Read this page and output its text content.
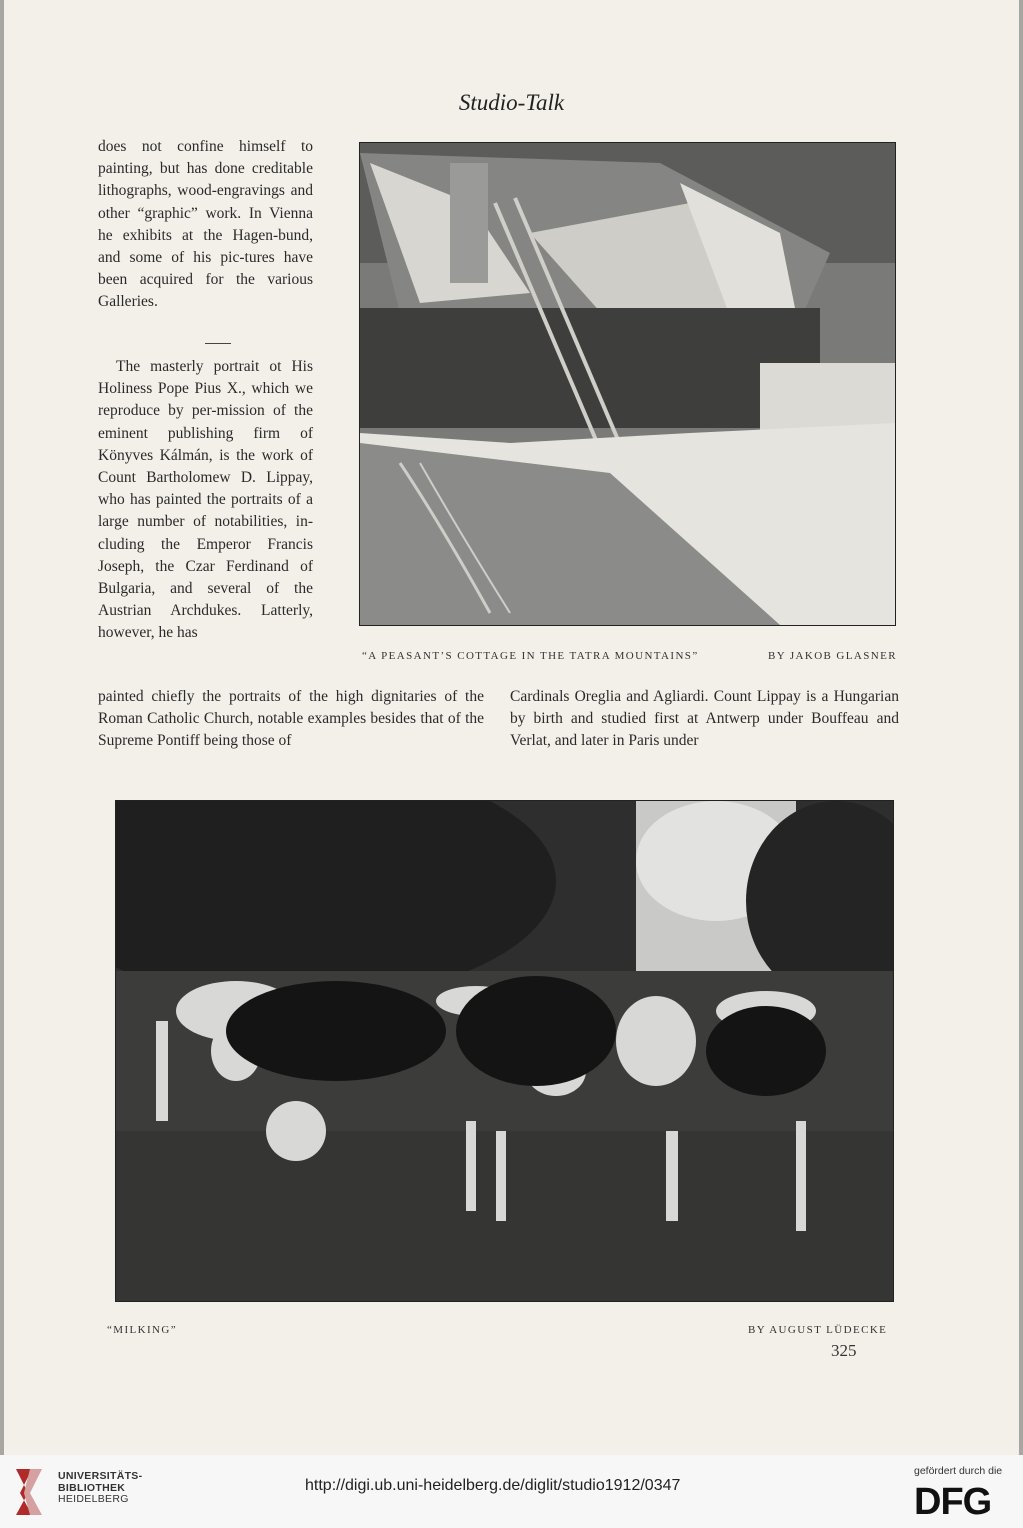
Studio-Talk

does not confine himself to painting, but has done creditable lithographs, wood-engravings and other “graphic” work. In Vienna he exhibits at the Hagen-bund, and some of his pic-tures have been acquired for the various Galleries.

The masterly portrait ot His Holiness Pope Pius X., which we reproduce by per-mission of the eminent publishing firm of Könyves Kálmán, is the work of Count Bartholomew D. Lippay, who has painted the portraits of a large number of notabilities, in-cluding the Emperor Francis Joseph, the Czar Ferdinand of Bulgaria, and several of the Austrian Archdukes. Latterly, however, he has

“A PEASANT’S COTTAGE IN THE TATRA MOUNTAINS”	BY JAKOB GLASNER

painted chiefly the portraits of the high dignitaries of the Roman Catholic Church, notable examples besides that of the Supreme Pontiff being those of

Cardinals Oreglia and Agliardi. Count Lippay is a Hungarian by birth and studied first at Antwerp under Bouffeau and Verlat, and later in Paris under

“MILKING”	BY AUGUST LÜDECKE
325
UNIVERSITÄTS-
BIBLIOTHEK
HEIDELBERG
http://digi.ub.uni-heidelberg.de/diglit/studio1912/0347
gefördert durch die
DFG
